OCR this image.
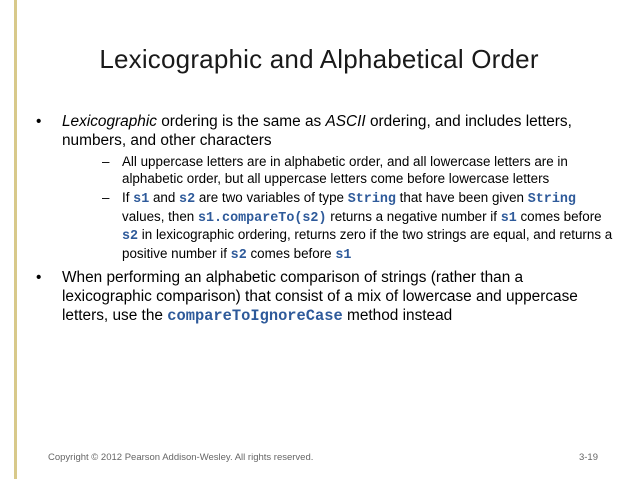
Lexicographic and Alphabetical Order
• Lexicographic ordering is the same as ASCII ordering, and includes letters, numbers, and other characters
– All uppercase letters are in alphabetic order, and all lowercase letters are in alphabetic order, but all uppercase letters come before lowercase letters
– If s1 and s2 are two variables of type String that have been given String values, then s1.compareTo(s2) returns a negative number if s1 comes before s2 in lexicographic ordering, returns zero if the two strings are equal, and returns a positive number if s2 comes before s1
• When performing an alphabetic comparison of strings (rather than a lexicographic comparison) that consist of a mix of lowercase and uppercase letters, use the compareToIgnoreCase method instead
Copyright © 2012 Pearson Addison-Wesley. All rights reserved.	3-19
